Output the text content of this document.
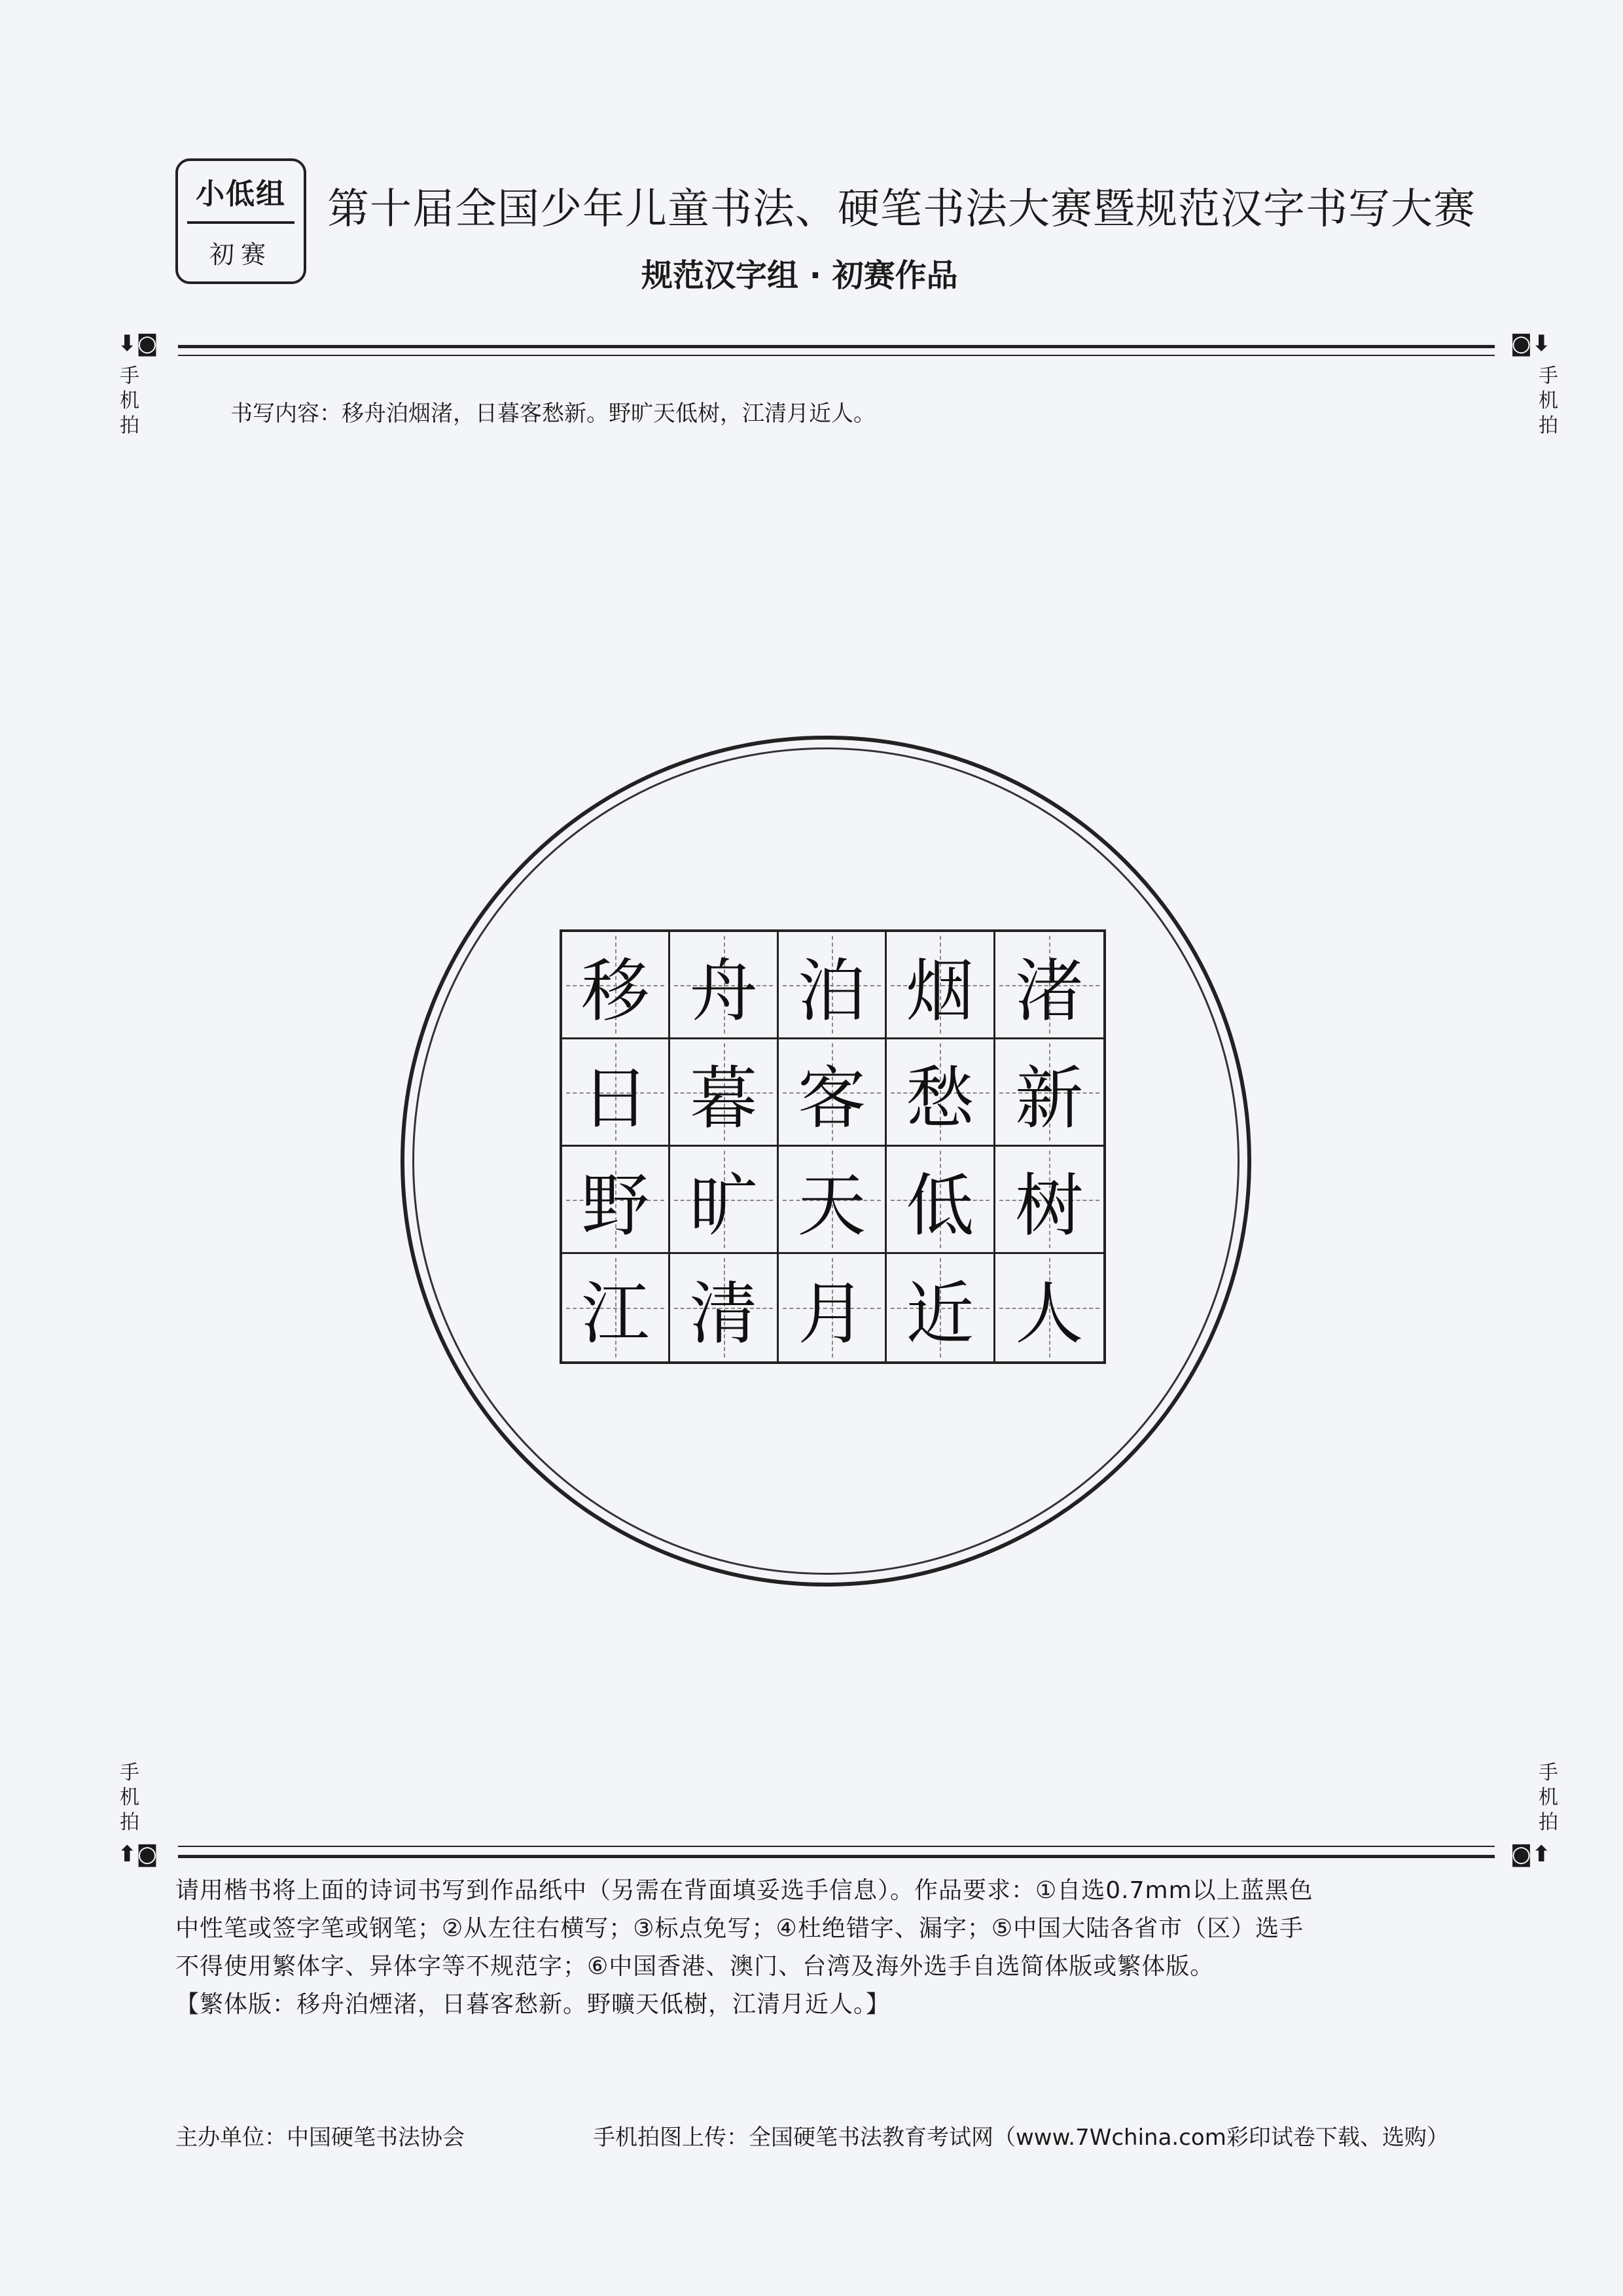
小低组
初赛
第十届全国少年儿童书法、硬笔书法大赛暨规范汉字书写大赛
规范汉字组 · 初赛作品
⬇◙	◙⬇
手机拍
手机拍
书写内容：移舟泊烟渚，日暮客愁新。野旷天低树，江清月近人。
移 舟 泊 烟 渚
日 暮 客 愁 新
野 旷 天 低 树
江 清 月 近 人
手机拍
手机拍
⬆◙	◙⬆
请用楷书将上面的诗词书写到作品纸中（另需在背面填妥选手信息）。作品要求：①自选0.7mm以上蓝黑色
中性笔或签字笔或钢笔；②从左往右横写；③标点免写；④杜绝错字、漏字；⑤中国大陆各省市（区）选手
不得使用繁体字、异体字等不规范字；⑥中国香港、澳门、台湾及海外选手自选简体版或繁体版。
【繁体版：移舟泊煙渚，日暮客愁新。野曠天低樹，江清月近人。】
主办单位：中国硬笔书法协会	手机拍图上传：全国硬笔书法教育考试网（www.7Wchina.com彩印试卷下载、选购）
